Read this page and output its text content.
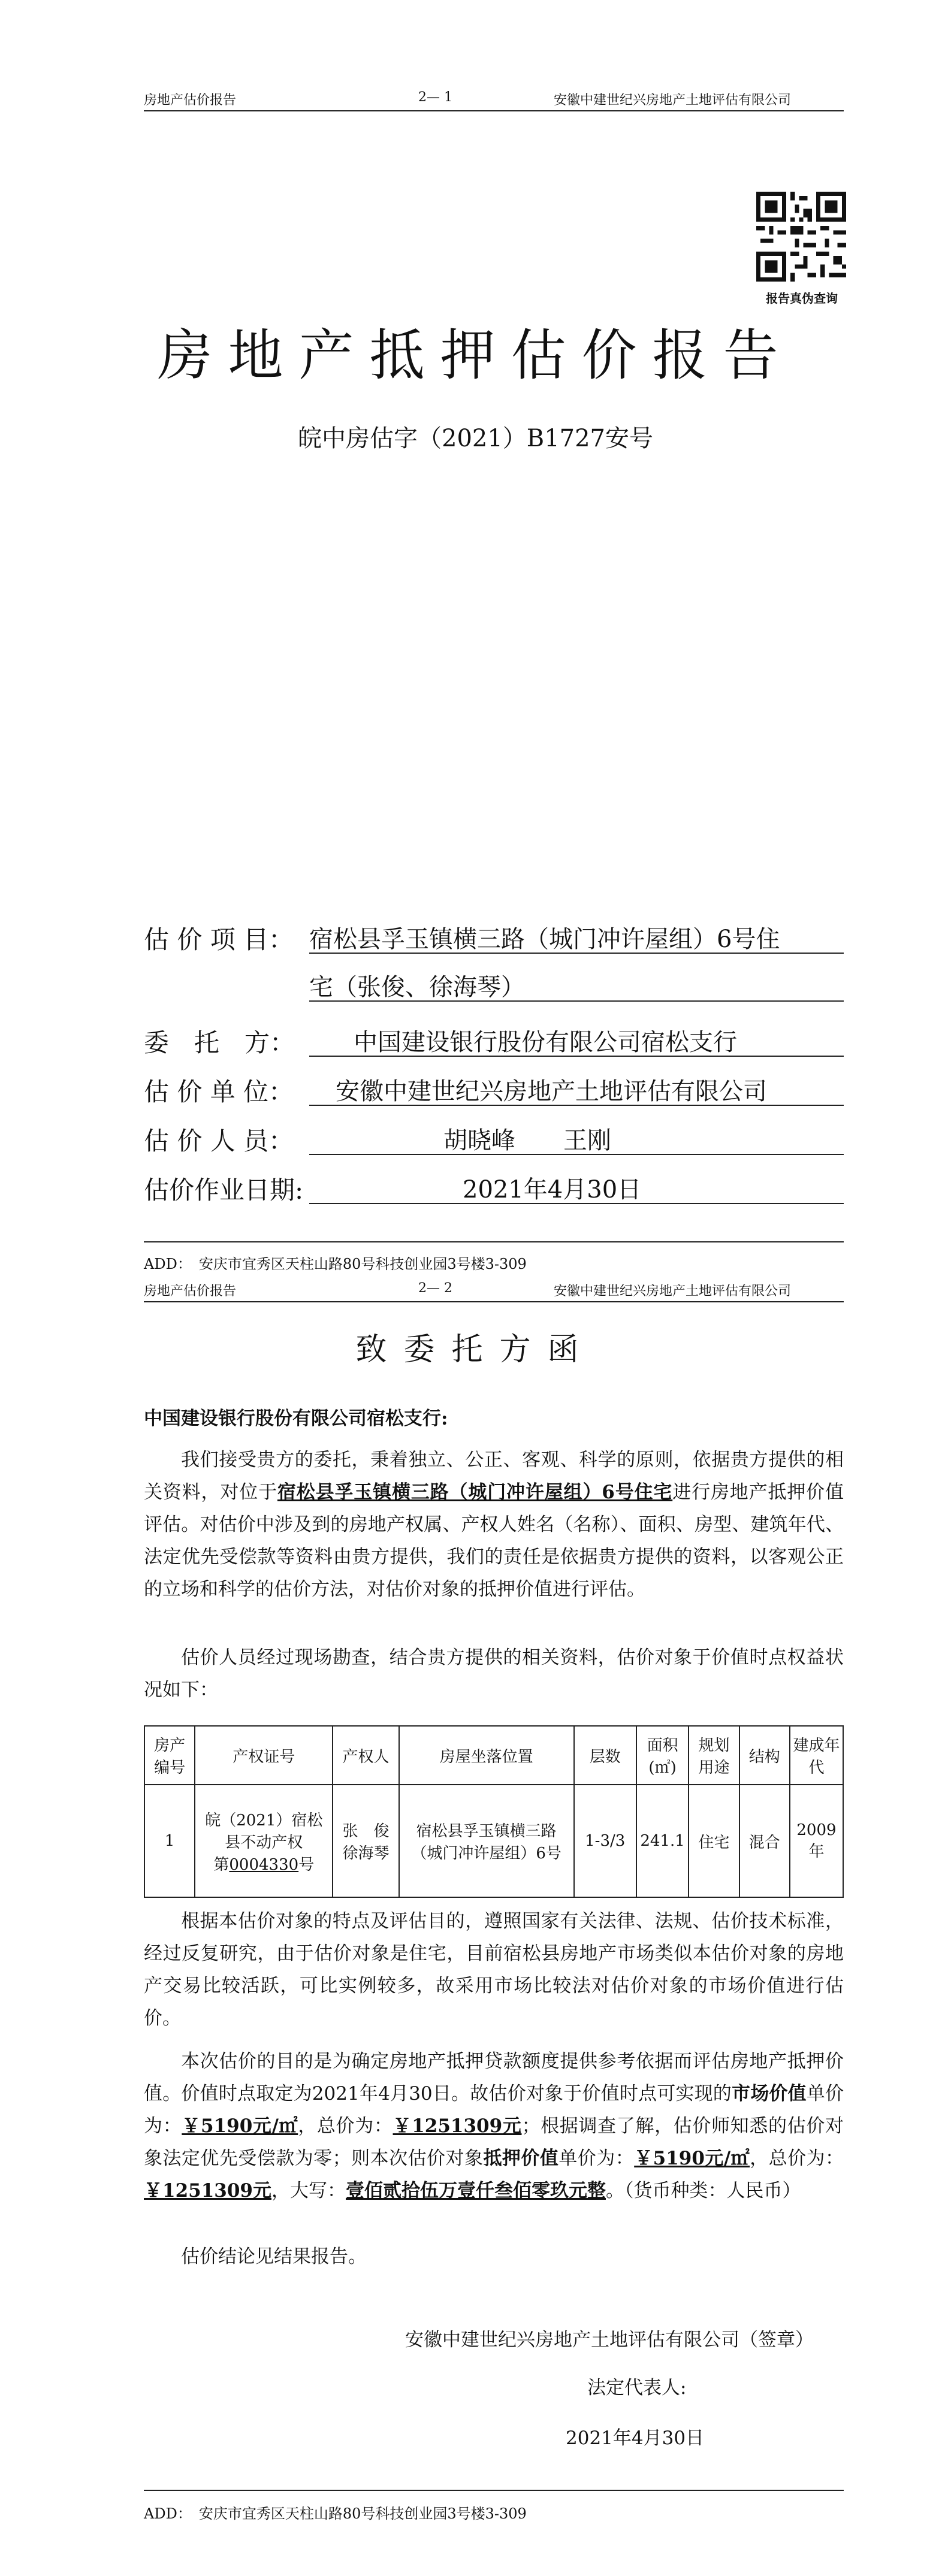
房地产估价报告	2— 1	安徽中建世纪兴房地产土地评估有限公司
报告真伪查询
房地产抵押估价报告
皖中房估字（2021）B1727安号
估 价 项 目： 宿松县孚玉镇横三路（城门冲许屋组）6号住
宅（张俊、徐海琴）
委　托　方： 中国建设银行股份有限公司宿松支行
估 价 单 位： 安徽中建世纪兴房地产土地评估有限公司
估 价 人 员：	胡晓峰　　王刚
估价作业日期:	2021年4月30日
ADD：　安庆市宜秀区天柱山路80号科技创业园3号楼3-309
房地产估价报告	2— 2	安徽中建世纪兴房地产土地评估有限公司
致委托方函
中国建设银行股份有限公司宿松支行:

我们接受贵方的委托，秉着独立、公正、客观、科学的原则，依据贵方提供的相关资料，对位于宿松县孚玉镇横三路（城门冲许屋组）6号住宅进行房地产抵押价值评估。对估价中涉及到的房地产权属、产权人姓名（名称）、面积、房型、建筑年代、法定优先受偿款等资料由贵方提供，我们的责任是依据贵方提供的资料，以客观公正的立场和科学的估价方法，对估价对象的抵押价值进行评估。

估价人员经过现场勘查，结合贵方提供的相关资料，估价对象于价值时点权益状况如下：

房产编号	产权证号	产权人	房屋坐落位置	层数	面积(㎡)	规划用途	结构	建成年代
1	皖（2021）宿松县不动产权
第0004330号	张　俊 徐海琴	宿松县孚玉镇横三路（城门冲许屋组）6号	1-3/3	241.1	住宅	混合	2009年

根据本估价对象的特点及评估目的，遵照国家有关法律、法规、估价技术标准，经过反复研究，由于估价对象是住宅，目前宿松县房地产市场类似本估价对象的房地产交易比较活跃，可比实例较多，故采用市场比较法对估价对象的市场价值进行估价。

本次估价的目的是为确定房地产抵押贷款额度提供参考依据而评估房地产抵押价值。价值时点取定为2021年4月30日。故估价对象于价值时点可实现的市场价值单价为：￥5190元/㎡，总价为：￥1251309元；根据调查了解，估价师知悉的估价对象法定优先受偿款为零；则本次估价对象抵押价值单价为：￥5190元/㎡，总价为：￥1251309元，大写：壹佰贰拾伍万壹仟叁佰零玖元整。（货币种类：人民币）

估价结论见结果报告。

安徽中建世纪兴房地产土地评估有限公司（签章）
法定代表人:
2021年4月30日
ADD：　安庆市宜秀区天柱山路80号科技创业园3号楼3-309
